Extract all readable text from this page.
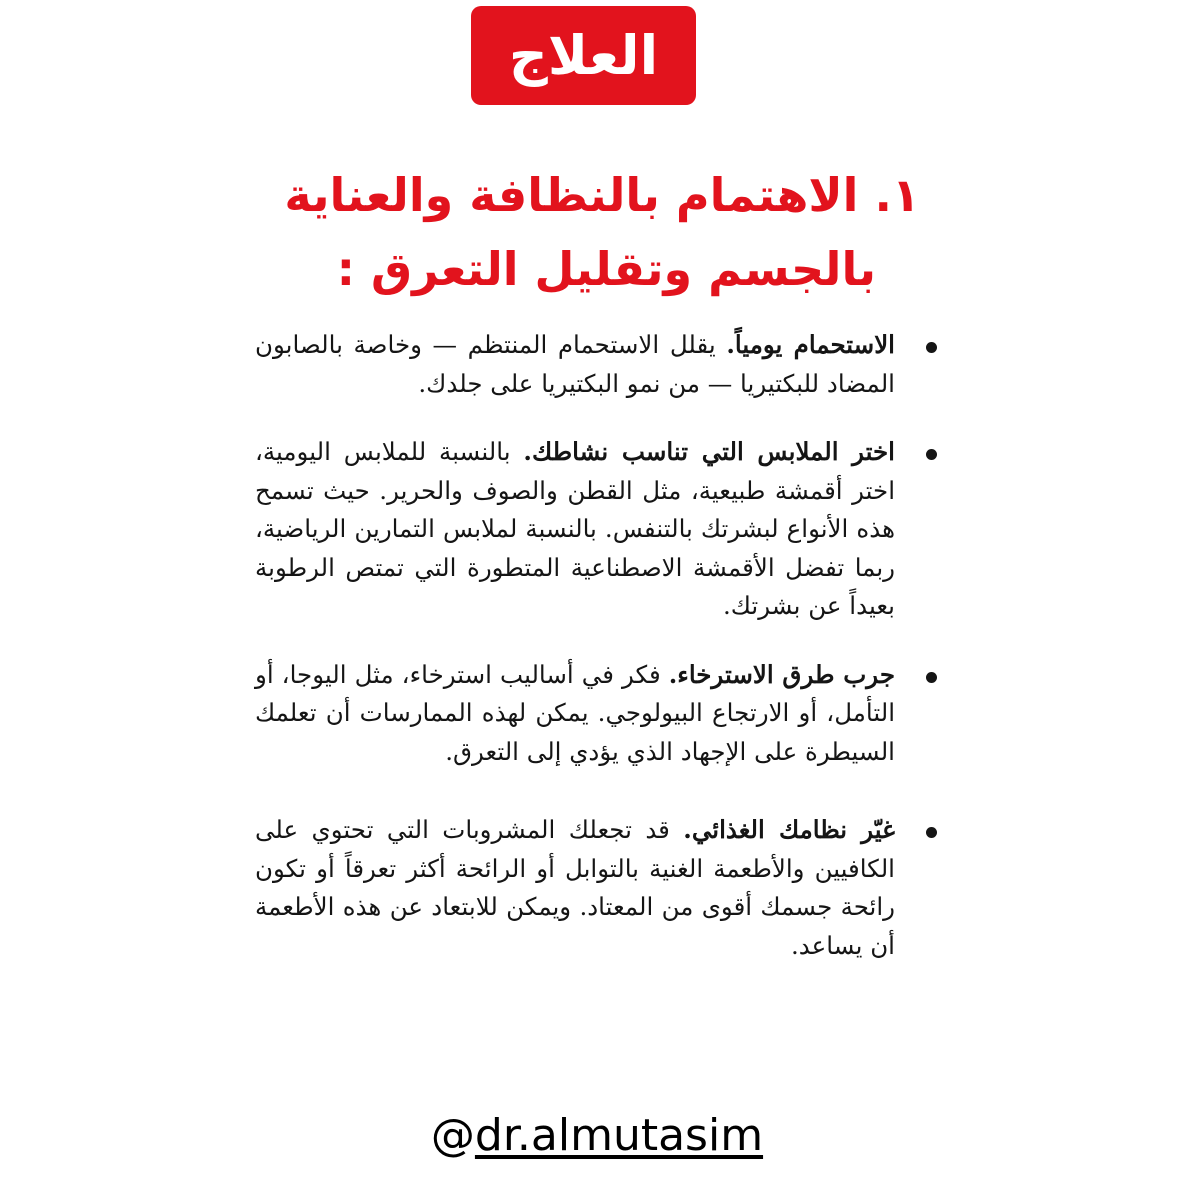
العلاج
١. الاهتمام بالنظافة والعناية
بالجسم وتقليل التعرق :
الاستحمام يومياً. يقلل الاستحمام المنتظم — وخاصة بالصابون المضاد للبكتيريا — من نمو البكتيريا على جلدك.
اختر الملابس التي تناسب نشاطك. بالنسبة للملابس اليومية، اختر أقمشة طبيعية، مثل القطن والصوف والحرير. حيث تسمح هذه الأنواع لبشرتك بالتنفس. بالنسبة لملابس التمارين الرياضية، ربما تفضل الأقمشة الاصطناعية المتطورة التي تمتص الرطوبة بعيداً عن بشرتك.
جرب طرق الاسترخاء. فكر في أساليب استرخاء، مثل اليوجا، أو التأمل، أو الارتجاع البيولوجي. يمكن لهذه الممارسات أن تعلمك السيطرة على الإجهاد الذي يؤدي إلى التعرق.
غيّر نظامك الغذائي. قد تجعلك المشروبات التي تحتوي على الكافيين والأطعمة الغنية بالتوابل أو الرائحة أكثر تعرقاً أو تكون رائحة جسمك أقوى من المعتاد. ويمكن للابتعاد عن هذه الأطعمة أن يساعد.
@dr.almutasim
